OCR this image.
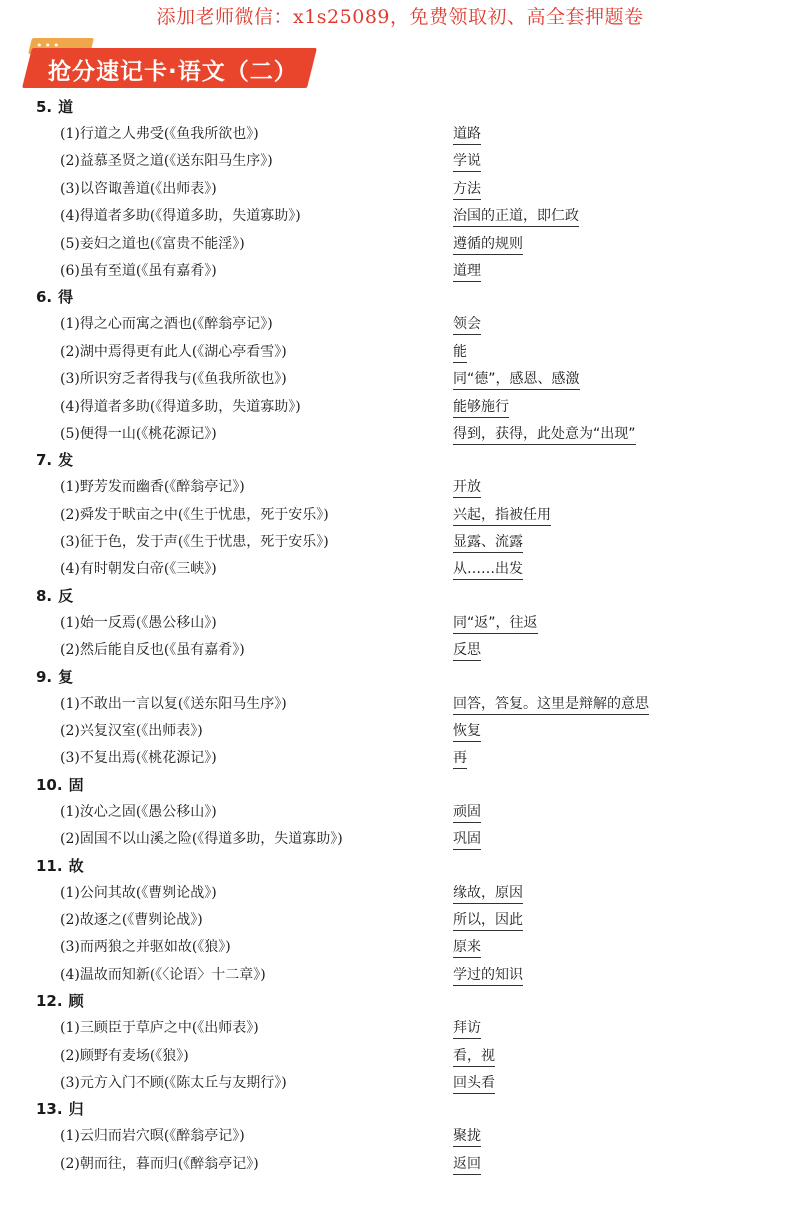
添加老师微信：x1s25089，免费领取初、高全套押题卷
•••
抢分速记卡·语文（二）
5. 道
(1)行道之人弗受(《鱼我所欲也》)	道路
(2)益慕圣贤之道(《送东阳马生序》)	学说
(3)以咨诹善道(《出师表》)	方法
(4)得道者多助(《得道多助，失道寡助》)	治国的正道，即仁政
(5)妾妇之道也(《富贵不能淫》)	遵循的规则
(6)虽有至道(《虽有嘉肴》)	道理
6. 得
(1)得之心而寓之酒也(《醉翁亭记》)	领会
(2)湖中焉得更有此人(《湖心亭看雪》)	能
(3)所识穷乏者得我与(《鱼我所欲也》)	同“德”，感恩、感激
(4)得道者多助(《得道多助，失道寡助》)	能够施行
(5)便得一山(《桃花源记》)	得到，获得，此处意为“出现”
7. 发
(1)野芳发而幽香(《醉翁亭记》)	开放
(2)舜发于畎亩之中(《生于忧患，死于安乐》)	兴起，指被任用
(3)征于色，发于声(《生于忧患，死于安乐》)	显露、流露
(4)有时朝发白帝(《三峡》)	从……出发
8. 反
(1)始一反焉(《愚公移山》)	同“返”，往返
(2)然后能自反也(《虽有嘉肴》)	反思
9. 复
(1)不敢出一言以复(《送东阳马生序》)	回答，答复。这里是辩解的意思
(2)兴复汉室(《出师表》)	恢复
(3)不复出焉(《桃花源记》)	再
10. 固
(1)汝心之固(《愚公移山》)	顽固
(2)固国不以山溪之险(《得道多助，失道寡助》)	巩固
11. 故
(1)公问其故(《曹刿论战》)	缘故，原因
(2)故逐之(《曹刿论战》)	所以，因此
(3)而两狼之并驱如故(《狼》)	原来
(4)温故而知新(《〈论语〉十二章》)	学过的知识
12. 顾
(1)三顾臣于草庐之中(《出师表》)	拜访
(2)顾野有麦场(《狼》)	看，视
(3)元方入门不顾(《陈太丘与友期行》)	回头看
13. 归
(1)云归而岩穴暝(《醉翁亭记》)	聚拢
(2)朝而往，暮而归(《醉翁亭记》)	返回
